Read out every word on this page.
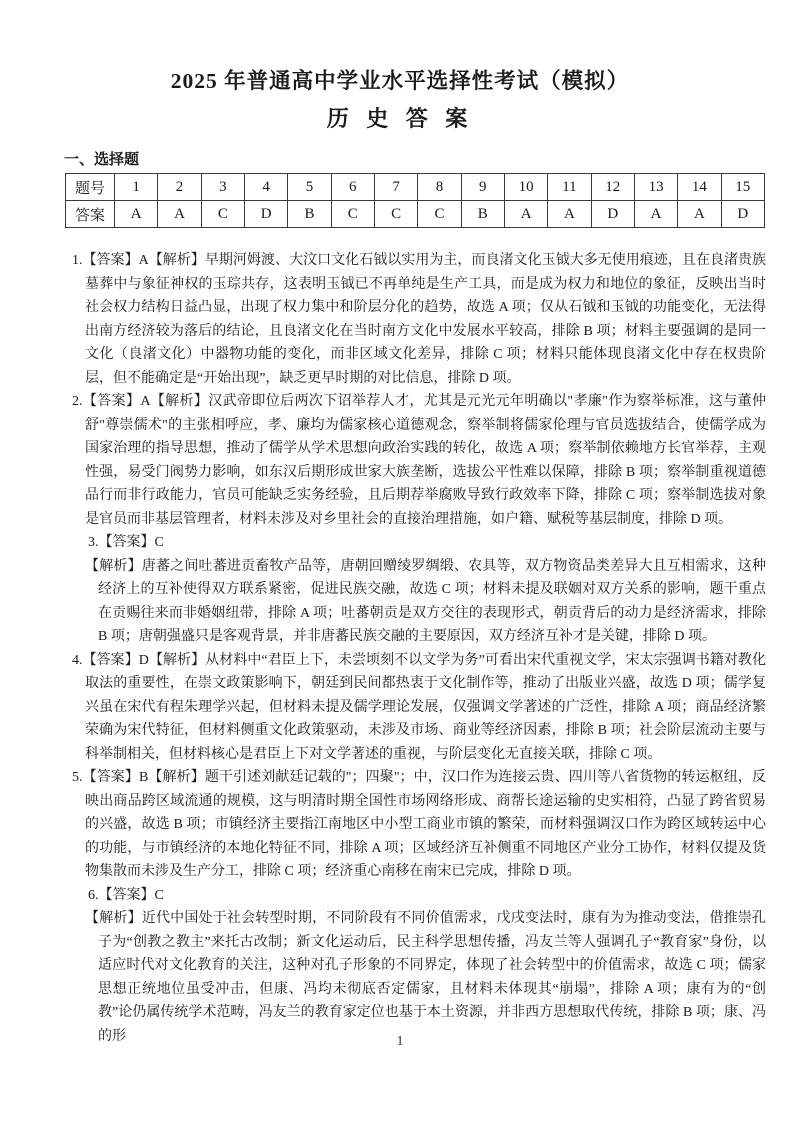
2025 年普通高中学业水平选择性考试（模拟）
历 史 答 案
一、选择题
题号	1	2	3	4	5	6	7	8	9	10	11	12	13	14	15
答案	A	A	C	D	B	C	C	C	B	A	A	D	A	A	D

1.【答案】A【解析】早期河姆渡、大汶口文化石钺以实用为主，而良渚文化玉钺大多无使用痕迹，且在良渚贵族墓葬中与象征神权的玉琮共存，这表明玉钺已不再单纯是生产工具，而是成为权力和地位的象征，反映出当时社会权力结构日益凸显，出现了权力集中和阶层分化的趋势，故选 A 项；仅从石钺和玉钺的功能变化，无法得出南方经济较为落后的结论，且良渚文化在当时南方文化中发展水平较高，排除 B 项；材料主要强调的是同一文化（良渚文化）中器物功能的变化，而非区域文化差异，排除 C 项；材料只能体现良渚文化中存在权贵阶层，但不能确定是“开始出现”，缺乏更早时期的对比信息，排除 D 项。

2.【答案】A【解析】汉武帝即位后两次下诏举荐人才，尤其是元光元年明确以"孝廉"作为察举标准，这与董仲舒"尊崇儒术"的主张相呼应，孝、廉均为儒家核心道德观念，察举制将儒家伦理与官员选拔结合，使儒学成为国家治理的指导思想，推动了儒学从学术思想向政治实践的转化，故选 A 项；察举制依赖地方长官举荐，主观性强，易受门阀势力影响，如东汉后期形成世家大族垄断，选拔公平性难以保障，排除 B 项；察举制重视道德品行而非行政能力，官员可能缺乏实务经验，且后期荐举腐败导致行政效率下降，排除 C 项；察举制选拔对象是官员而非基层管理者，材料未涉及对乡里社会的直接治理措施，如户籍、赋税等基层制度，排除 D 项。

3.【答案】C

【解析】唐蕃之间吐蕃进贡畜牧产品等，唐朝回赠绫罗绸缎、农具等，双方物资品类差异大且互相需求，这种经济上的互补使得双方联系紧密，促进民族交融，故选 C 项；材料未提及联姻对双方关系的影响，题干重点在贡赐往来而非婚姻纽带，排除 A 项；吐蕃朝贡是双方交往的表现形式，朝贡背后的动力是经济需求，排除 B 项；唐朝强盛只是客观背景，并非唐蕃民族交融的主要原因，双方经济互补才是关键，排除 D 项。

4.【答案】D【解析】从材料中“君臣上下，未尝顷刻不以文学为务”可看出宋代重视文学，宋太宗强调书籍对教化取法的重要性，在崇文政策影响下，朝廷到民间都热衷于文化制作等，推动了出版业兴盛，故选 D 项；儒学复兴虽在宋代有程朱理学兴起，但材料未提及儒学理论发展，仅强调文学著述的广泛性，排除 A 项；商品经济繁荣确为宋代特征，但材料侧重文化政策驱动，未涉及市场、商业等经济因素，排除 B 项；社会阶层流动主要与科举制相关，但材料核心是君臣上下对文学著述的重视，与阶层变化无直接关联，排除 C 项。

5.【答案】B【解析】题干引述刘献廷记载的"；四聚"；中，汉口作为连接云贵、四川等八省货物的转运枢纽，反映出商品跨区域流通的规模，这与明清时期全国性市场网络形成、商帮长途运输的史实相符，凸显了跨省贸易的兴盛，故选 B 项；市镇经济主要指江南地区中小型工商业市镇的繁荣，而材料强调汉口作为跨区域转运中心的功能，与市镇经济的本地化特征不同，排除 A 项；区域经济互补侧重不同地区产业分工协作，材料仅提及货物集散而未涉及生产分工，排除 C 项；经济重心南移在南宋已完成，排除 D 项。

6.【答案】C

【解析】近代中国处于社会转型时期，不同阶段有不同价值需求，戊戌变法时，康有为为推动变法，借推崇孔子为“创教之教主”来托古改制；新文化运动后，民主科学思想传播，冯友兰等人强调孔子“教育家”身份，以适应时代对文化教育的关注，这种对孔子形象的不同界定，体现了社会转型中的价值需求，故选 C 项；儒家思想正统地位虽受冲击，但康、冯均未彻底否定儒家，且材料未体现其“崩塌”，排除 A 项；康有为的“创教”论仍属传统学术范畴，冯友兰的教育家定位也基于本土资源，并非西方思想取代传统，排除 B 项；康、冯的形	1
